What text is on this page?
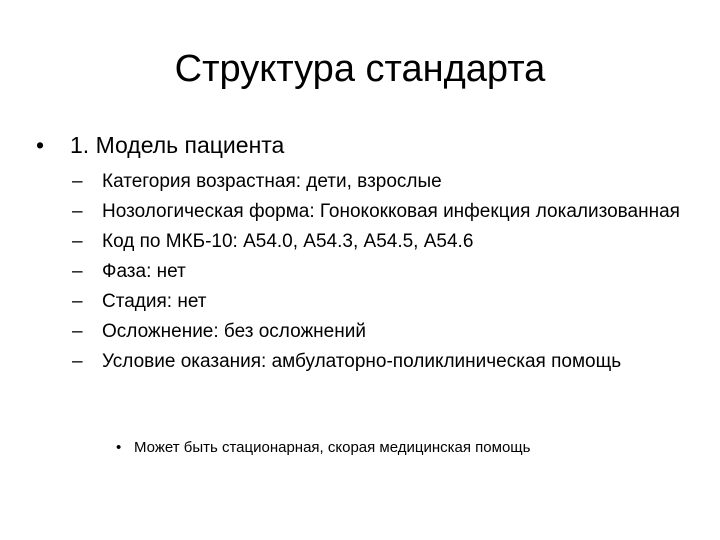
Структура стандарта
• 1. Модель пациента
–	Категория возрастная: дети, взрослые
–	Нозологическая форма: Гонококковая инфекция локализованная
–	Код по МКБ-10: А54.0, А54.3, А54.5, А54.6
–	Фаза: нет
–	Стадия: нет
–	Осложнение: без осложнений
–	Условие оказания: амбулаторно-поликлиническая помощь
• Может быть стационарная, скорая медицинская помощь
